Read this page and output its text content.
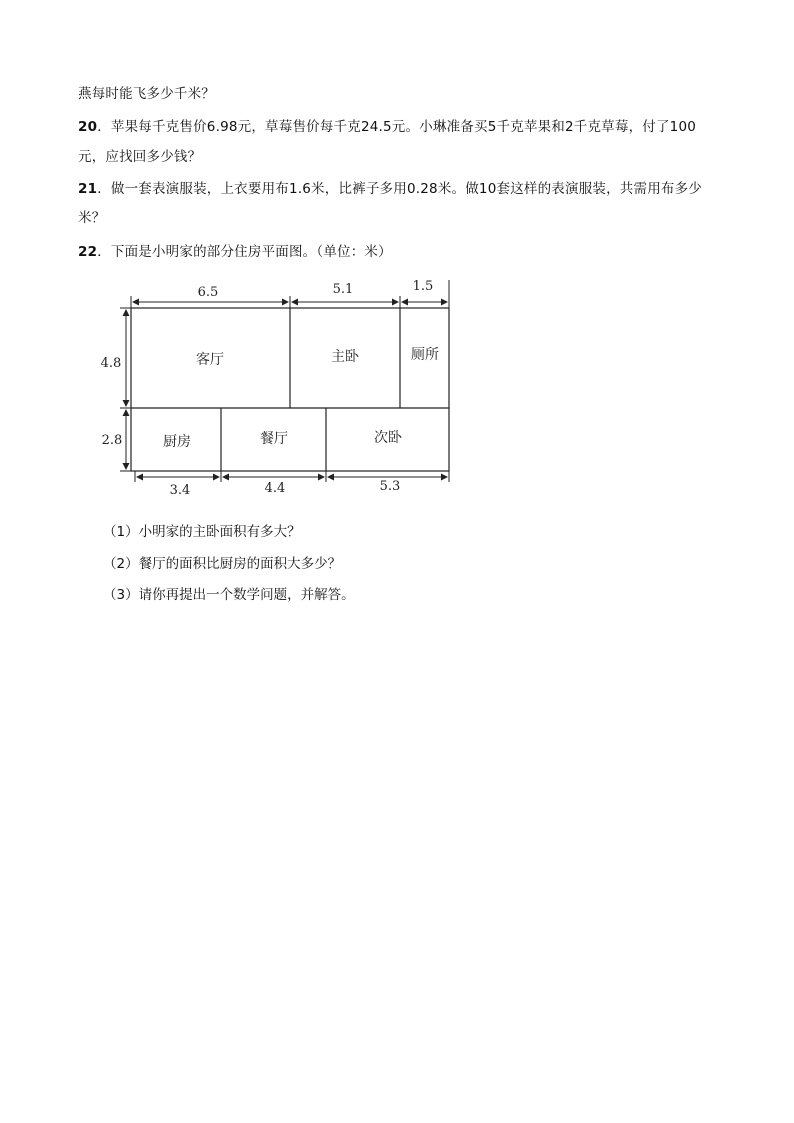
燕每时能飞多少千米？
20．苹果每千克售价6.98元，草莓售价每千克24.5元。小琳准备买5千克苹果和2千克草莓，付了100
元，应找回多少钱？
21．做一套表演服装，上衣要用布1.6米，比裤子多用0.28米。做10套这样的表演服装，共需用布多少
米？
22．下面是小明家的部分住房平面图。（单位：米）
6.5	5.1	1.5
3.4	4.4	5.3
4.8
2.8
客厅	主卧	厕所
厨房	餐厅	次卧
（1）小明家的主卧面积有多大？
（2）餐厅的面积比厨房的面积大多少？
（3）请你再提出一个数学问题，并解答。
